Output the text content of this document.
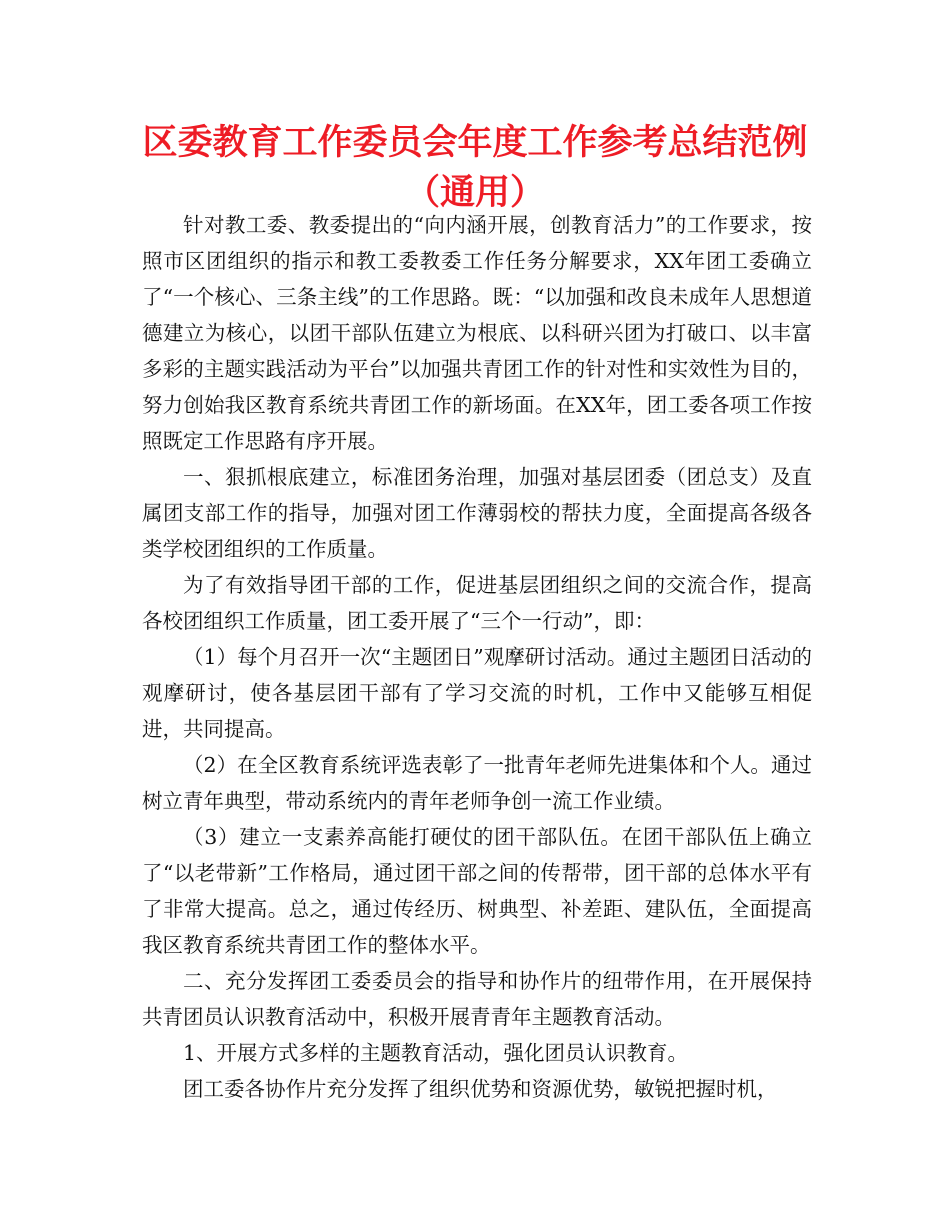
区委教育工作委员会年度工作参考总结范例（通用）

针对教工委、教委提出的“向内涵开展，创教育活力”的工作要求，按照市区团组织的指示和教工委教委工作任务分解要求，XX年团工委确立了“一个核心、三条主线”的工作思路。既：“以加强和改良未成年人思想道德建立为核心，以团干部队伍建立为根底、以科研兴团为打破口、以丰富多彩的主题实践活动为平台”以加强共青团工作的针对性和实效性为目的，努力创始我区教育系统共青团工作的新场面。在XX年，团工委各项工作按照既定工作思路有序开展。

一、狠抓根底建立，标准团务治理，加强对基层团委（团总支）及直属团支部工作的指导，加强对团工作薄弱校的帮扶力度，全面提高各级各类学校团组织的工作质量。

为了有效指导团干部的工作，促进基层团组织之间的交流合作，提高各校团组织工作质量，团工委开展了“三个一行动”，即：

（1）每个月召开一次“主题团日”观摩研讨活动。通过主题团日活动的观摩研讨，使各基层团干部有了学习交流的时机，工作中又能够互相促进，共同提高。

（2）在全区教育系统评选表彰了一批青年老师先进集体和个人。通过树立青年典型，带动系统内的青年老师争创一流工作业绩。

（3）建立一支素养高能打硬仗的团干部队伍。在团干部队伍上确立了“以老带新”工作格局，通过团干部之间的传帮带，团干部的总体水平有了非常大提高。总之，通过传经历、树典型、补差距、建队伍，全面提高我区教育系统共青团工作的整体水平。

二、充分发挥团工委委员会的指导和协作片的纽带作用，在开展保持共青团员认识教育活动中，积极开展青青年主题教育活动。

1、开展方式多样的主题教育活动，强化团员认识教育。

团工委各协作片充分发挥了组织优势和资源优势，敏锐把握时机，
